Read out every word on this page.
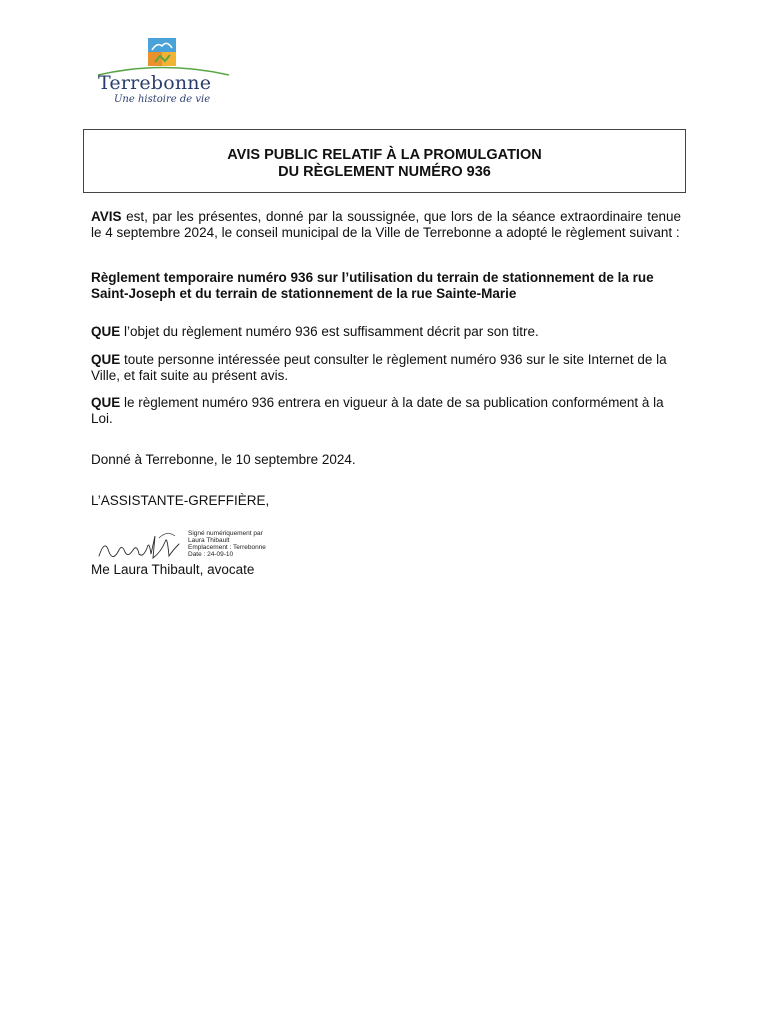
Terrebonne
Une histoire de vie
AVIS PUBLIC RELATIF À LA PROMULGATION
DU RÈGLEMENT NUMÉRO 936

AVIS est, par les présentes, donné par la soussignée, que lors de la séance extraordinaire tenue le 4 septembre 2024, le conseil municipal de la Ville de Terrebonne a adopté le règlement suivant :

Règlement temporaire numéro 936 sur l’utilisation du terrain de stationnement de la rue Saint-Joseph et du terrain de stationnement de la rue Sainte-Marie

QUE l’objet du règlement numéro 936 est suffisamment décrit par son titre.

QUE toute personne intéressée peut consulter le règlement numéro 936 sur le site Internet de la Ville, et fait suite au présent avis.

QUE le règlement numéro 936 entrera en vigueur à la date de sa publication conformément à la Loi.

Donné à Terrebonne, le 10 septembre 2024.

L’ASSISTANTE-GREFFIÈRE,

Signé numériquement par
Laura Thibault
Emplacement : Terrebonne
Date : 24-09-10

Me Laura Thibault, avocate
